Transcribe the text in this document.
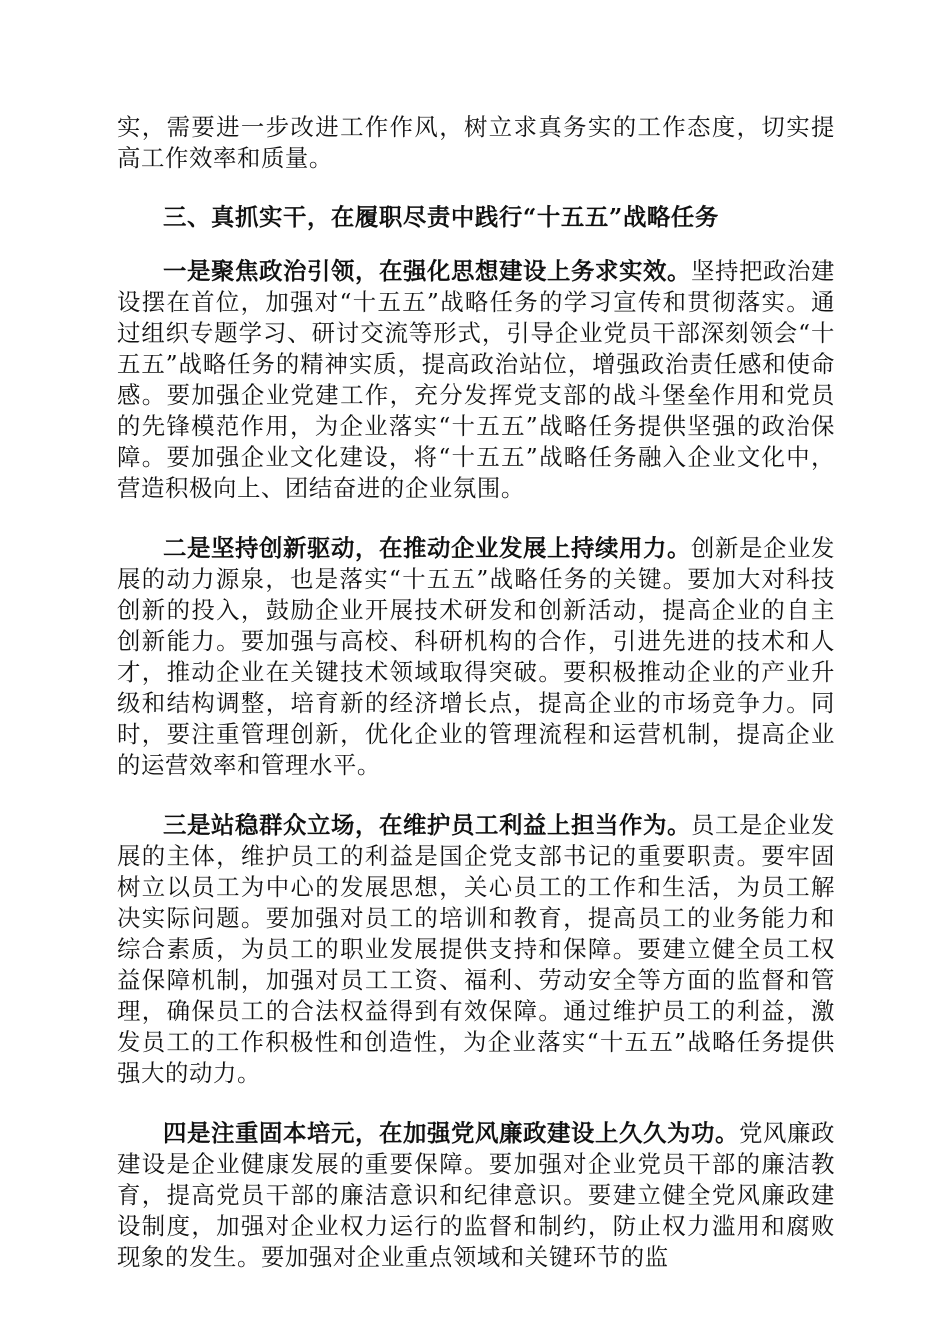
实，需要进一步改进工作作风，树立求真务实的工作态度，切实提高工作效率和质量。

三、真抓实干，在履职尽责中践行“十五五”战略任务

一是聚焦政治引领，在强化思想建设上务求实效。坚持把政治建设摆在首位，加强对“十五五”战略任务的学习宣传和贯彻落实。通过组织专题学习、研讨交流等形式，引导企业党员干部深刻领会“十五五”战略任务的精神实质，提高政治站位，增强政治责任感和使命感。要加强企业党建工作，充分发挥党支部的战斗堡垒作用和党员的先锋模范作用，为企业落实“十五五”战略任务提供坚强的政治保障。要加强企业文化建设，将“十五五”战略任务融入企业文化中，营造积极向上、团结奋进的企业氛围。

二是坚持创新驱动，在推动企业发展上持续用力。创新是企业发展的动力源泉，也是落实“十五五”战略任务的关键。要加大对科技创新的投入，鼓励企业开展技术研发和创新活动，提高企业的自主创新能力。要加强与高校、科研机构的合作，引进先进的技术和人才，推动企业在关键技术领域取得突破。要积极推动企业的产业升级和结构调整，培育新的经济增长点，提高企业的市场竞争力。同时，要注重管理创新，优化企业的管理流程和运营机制，提高企业的运营效率和管理水平。

三是站稳群众立场，在维护员工利益上担当作为。员工是企业发展的主体，维护员工的利益是国企党支部书记的重要职责。要牢固树立以员工为中心的发展思想，关心员工的工作和生活，为员工解决实际问题。要加强对员工的培训和教育，提高员工的业务能力和综合素质，为员工的职业发展提供支持和保障。要建立健全员工权益保障机制，加强对员工工资、福利、劳动安全等方面的监督和管理，确保员工的合法权益得到有效保障。通过维护员工的利益，激发员工的工作积极性和创造性，为企业落实“十五五”战略任务提供强大的动力。

四是注重固本培元，在加强党风廉政建设上久久为功。党风廉政建设是企业健康发展的重要保障。要加强对企业党员干部的廉洁教育，提高党员干部的廉洁意识和纪律意识。要建立健全党风廉政建设制度，加强对企业权力运行的监督和制约，防止权力滥用和腐败现象的发生。要加强对企业重点领域和关键环节的监
